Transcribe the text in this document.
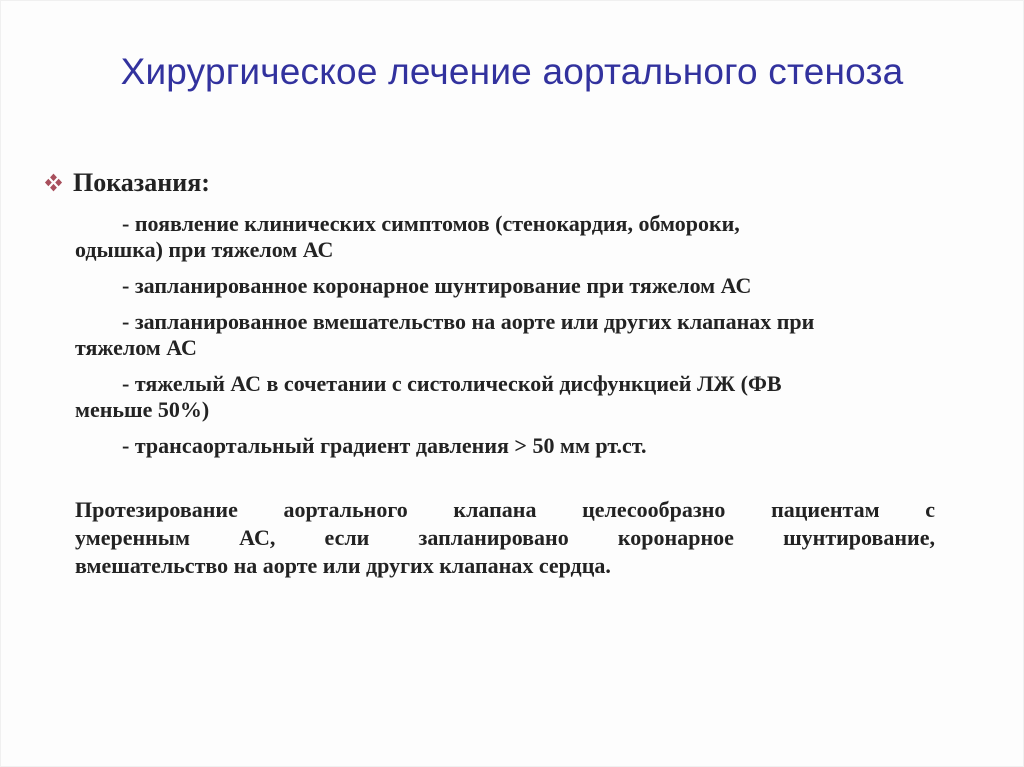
Хирургическое лечение аортального стеноза
Показания:
- появление клинических симптомов (стенокардия, обмороки,
одышка) при тяжелом АС
- запланированное коронарное шунтирование при тяжелом АС
- запланированное вмешательство на аорте или других клапанах при
тяжелом АС
- тяжелый АС в сочетании с систолической дисфункцией ЛЖ (ФВ
меньше 50%)
- трансаортальный градиент давления > 50 мм рт.ст.
Протезирование аортального клапана целесообразно пациентам с
умеренным АС, если запланировано коронарное шунтирование,
вмешательство на аорте или других клапанах сердца.
